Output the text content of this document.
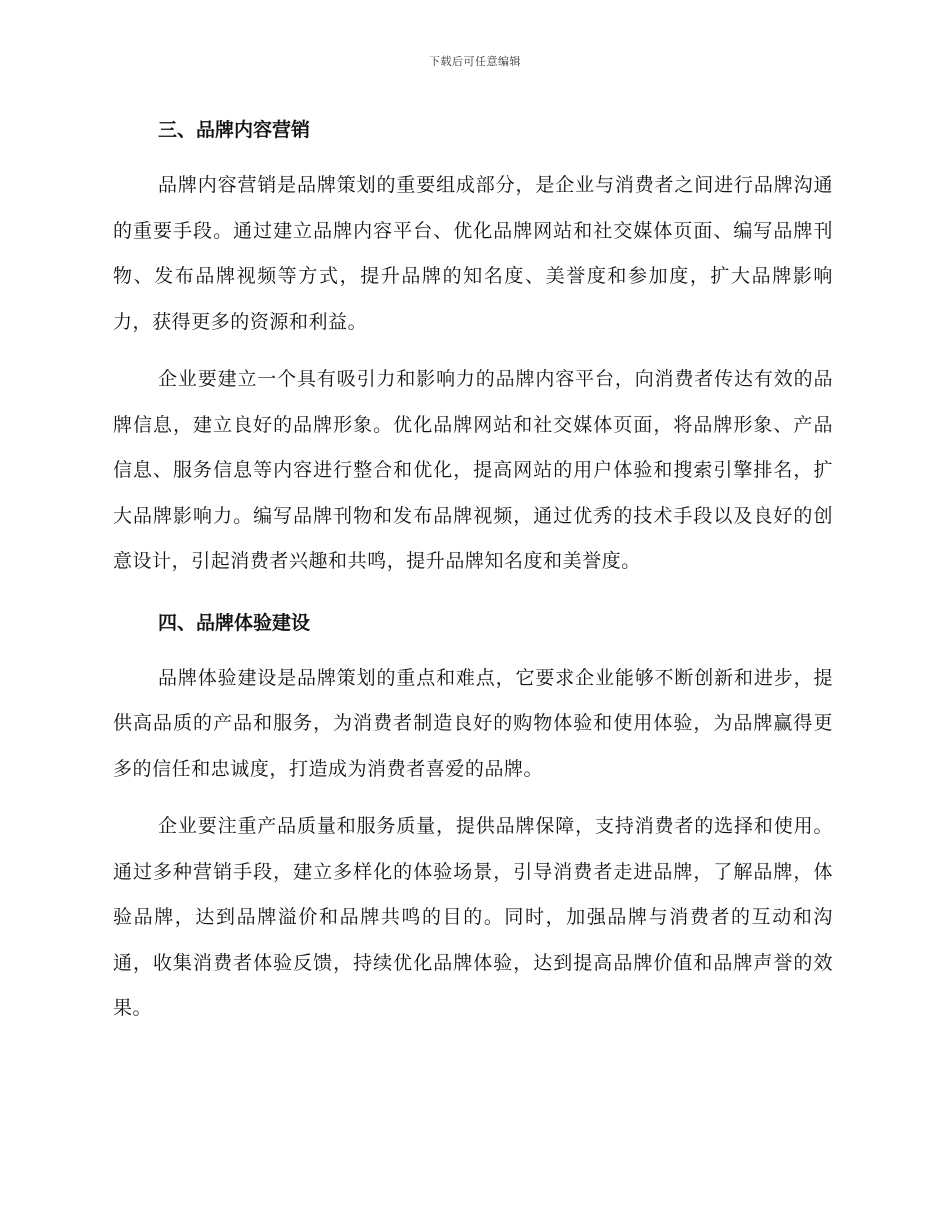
下载后可任意编辑
三、品牌内容营销

品牌内容营销是品牌策划的重要组成部分，是企业与消费者之间进行品牌沟通的重要手段。通过建立品牌内容平台、优化品牌网站和社交媒体页面、编写品牌刊物、发布品牌视频等方式，提升品牌的知名度、美誉度和参加度，扩大品牌影响力，获得更多的资源和利益。

企业要建立一个具有吸引力和影响力的品牌内容平台，向消费者传达有效的品牌信息，建立良好的品牌形象。优化品牌网站和社交媒体页面，将品牌形象、产品信息、服务信息等内容进行整合和优化，提高网站的用户体验和搜索引擎排名，扩大品牌影响力。编写品牌刊物和发布品牌视频，通过优秀的技术手段以及良好的创意设计，引起消费者兴趣和共鸣，提升品牌知名度和美誉度。

四、品牌体验建设

品牌体验建设是品牌策划的重点和难点，它要求企业能够不断创新和进步，提供高品质的产品和服务，为消费者制造良好的购物体验和使用体验，为品牌赢得更多的信任和忠诚度，打造成为消费者喜爱的品牌。

企业要注重产品质量和服务质量，提供品牌保障，支持消费者的选择和使用。通过多种营销手段，建立多样化的体验场景，引导消费者走进品牌，了解品牌，体验品牌，达到品牌溢价和品牌共鸣的目的。同时，加强品牌与消费者的互动和沟通，收集消费者体验反馈，持续优化品牌体验，达到提高品牌价值和品牌声誉的效果。
